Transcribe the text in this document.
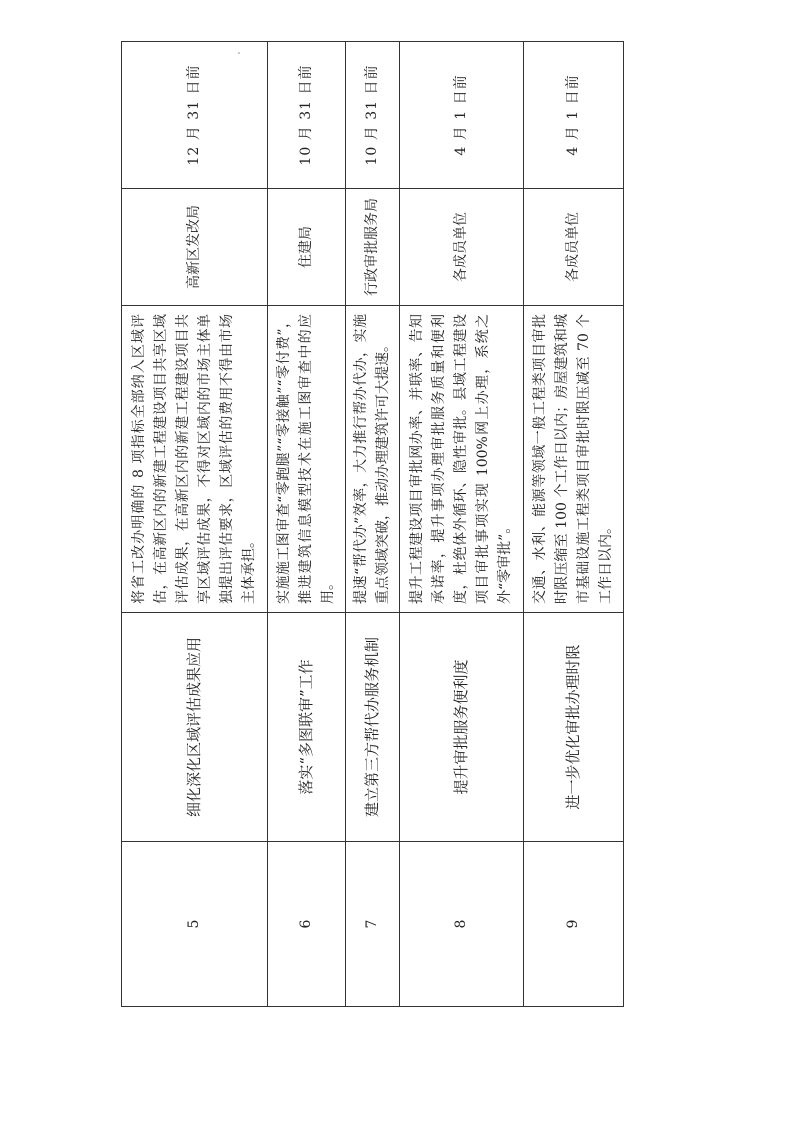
5	细化深化区域评估成果应用	将省工改办明确的 8 项指标全部纳入区域评估，在高新区内的新建工程建设项目共享区域评估成果，在高新区内的新建工程建设项目共享区域评估成果，不得对区域内的市场主体单独提出评估要求，区域评估的费用不得由市场主体承担。	高新区发改局	12 月 31 日前
6	落实“多图联审”工作	实施施工图审查“零跑腿”“零接触”“零付费”，推进建筑信息模型技术在施工图审查中的应用。	住建局	10 月 31 日前
7	建立第三方帮代办服务机制	提速“帮代办”效率，大力推行帮办代办，实施重点领域突破，推动办理建筑许可大提速。	行政审批服务局	10 月 31 日前
8	提升审批服务便利度	提升工程建设项目审批网办率、并联率、告知承诺率，提升事项办理审批服务质量和便利度，杜绝体外循环、隐性审批。县域工程建设项目审批事项实现 100%网上办理，系统之外“零审批”。	各成员单位	4 月 1 日前
9	进一步优化审批办理时限	交通、水利、能源等领域一般工程类项目审批时限压缩至 100 个工作日以内；房屋建筑和城市基础设施工程类项目审批时限压减至 70 个工作日以内。	各成员单位	4 月 1 日前
